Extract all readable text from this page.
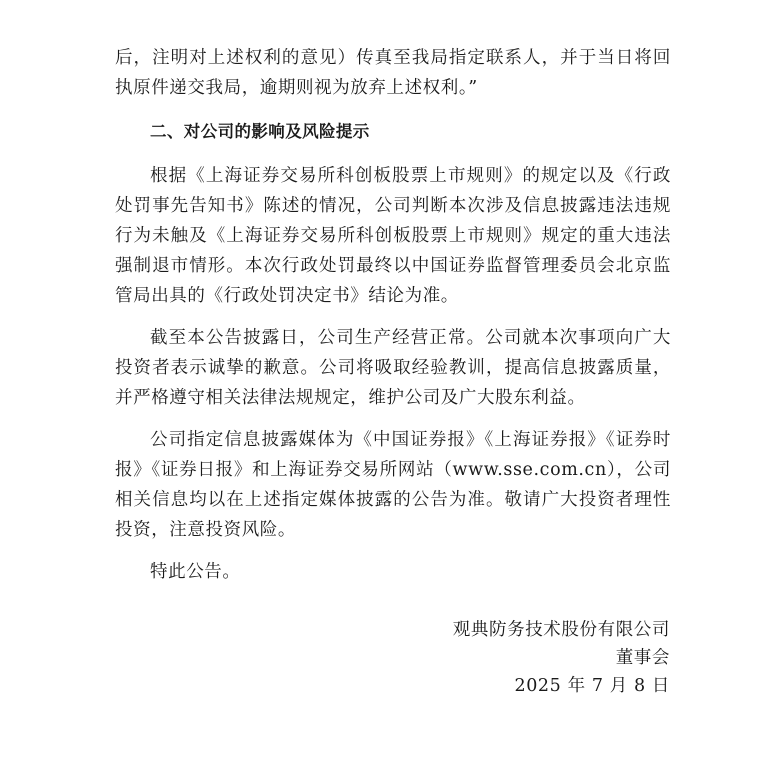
后，注明对上述权利的意见）传真至我局指定联系人，并于当日将回执原件递交我局，逾期则视为放弃上述权利。”

二、对公司的影响及风险提示

根据《上海证券交易所科创板股票上市规则》的规定以及《行政处罚事先告知书》陈述的情况，公司判断本次涉及信息披露违法违规行为未触及《上海证券交易所科创板股票上市规则》规定的重大违法强制退市情形。本次行政处罚最终以中国证券监督管理委员会北京监管局出具的《行政处罚决定书》结论为准。

截至本公告披露日，公司生产经营正常。公司就本次事项向广大投资者表示诚挚的歉意。公司将吸取经验教训，提高信息披露质量，并严格遵守相关法律法规规定，维护公司及广大股东利益。

公司指定信息披露媒体为《中国证券报》《上海证券报》《证券时报》《证券日报》和上海证券交易所网站（www.sse.com.cn），公司相关信息均以在上述指定媒体披露的公告为准。敬请广大投资者理性投资，注意投资风险。

特此公告。

观典防务技术股份有限公司
董事会
2025 年 7 月 8 日
